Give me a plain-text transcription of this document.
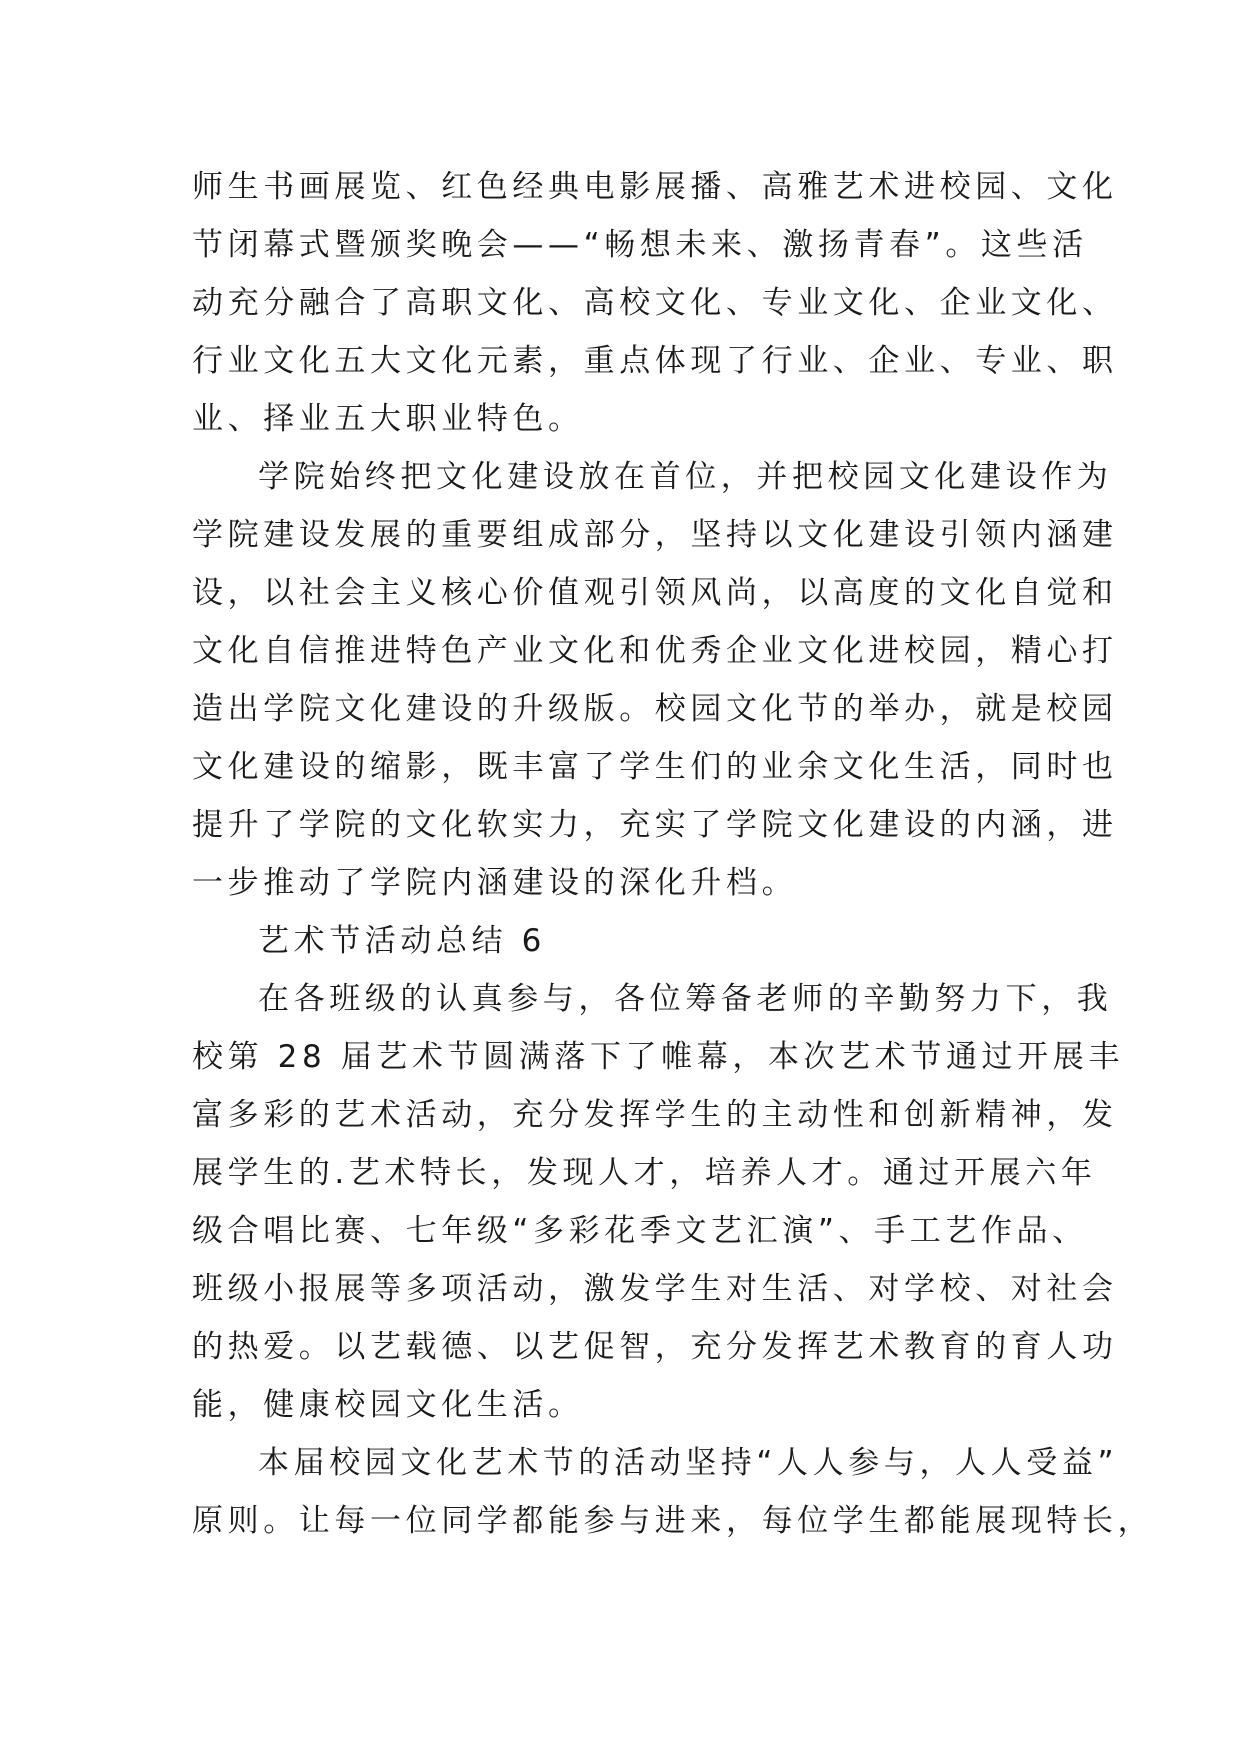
师生书画展览、红色经典电影展播、高雅艺术进校园、文化
节闭幕式暨颁奖晚会——“畅想未来、激扬青春”。这些活
动充分融合了高职文化、高校文化、专业文化、企业文化、
行业文化五大文化元素，重点体现了行业、企业、专业、职
业、择业五大职业特色。
学院始终把文化建设放在首位，并把校园文化建设作为
学院建设发展的重要组成部分，坚持以文化建设引领内涵建
设，以社会主义核心价值观引领风尚，以高度的文化自觉和
文化自信推进特色产业文化和优秀企业文化进校园，精心打
造出学院文化建设的升级版。校园文化节的举办，就是校园
文化建设的缩影，既丰富了学生们的业余文化生活，同时也
提升了学院的文化软实力，充实了学院文化建设的内涵，进
一步推动了学院内涵建设的深化升档。
艺术节活动总结 6
在各班级的认真参与，各位筹备老师的辛勤努力下，我
校第 28 届艺术节圆满落下了帷幕，本次艺术节通过开展丰
富多彩的艺术活动，充分发挥学生的主动性和创新精神，发
展学生的.艺术特长，发现人才，培养人才。通过开展六年
级合唱比赛、七年级“多彩花季文艺汇演”、手工艺作品、
班级小报展等多项活动，激发学生对生活、对学校、对社会
的热爱。以艺载德、以艺促智，充分发挥艺术教育的育人功
能，健康校园文化生活。
本届校园文化艺术节的活动坚持“人人参与，人人受益”
原则。让每一位同学都能参与进来，每位学生都能展现特长，
